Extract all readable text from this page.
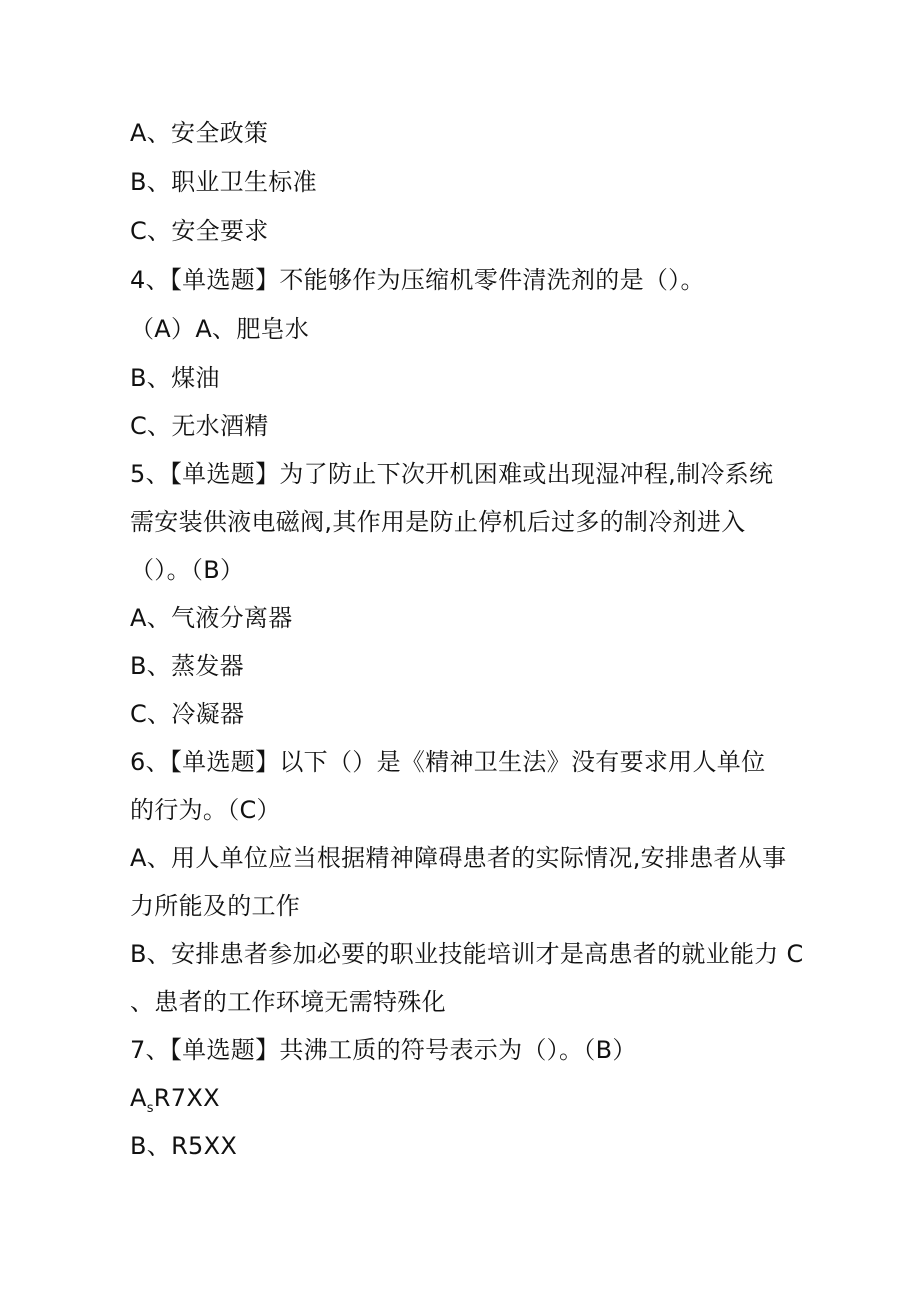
A、安全政策
B、职业卫生标准
C、安全要求
4、【单选题】不能够作为压缩机零件清洗剂的是（）。
（A）A、肥皂水
B、煤油
C、无水酒精
5、【单选题】为了防止下次开机困难或出现湿冲程,制冷系统
需安装供液电磁阀,其作用是防止停机后过多的制冷剂进入
（）。（B）
A、气液分离器
B、蒸发器
C、冷凝器
6、【单选题】以下（）是《精神卫生法》没有要求用人单位
的行为。（C）
A、用人单位应当根据精神障碍患者的实际情况,安排患者从事
力所能及的工作
B、安排患者参加必要的职业技能培训才是高患者的就业能力 C
、患者的工作环境无需特殊化
7、【单选题】共沸工质的符号表示为（）。（B）
$A_sR7XX$
B、R5XX
